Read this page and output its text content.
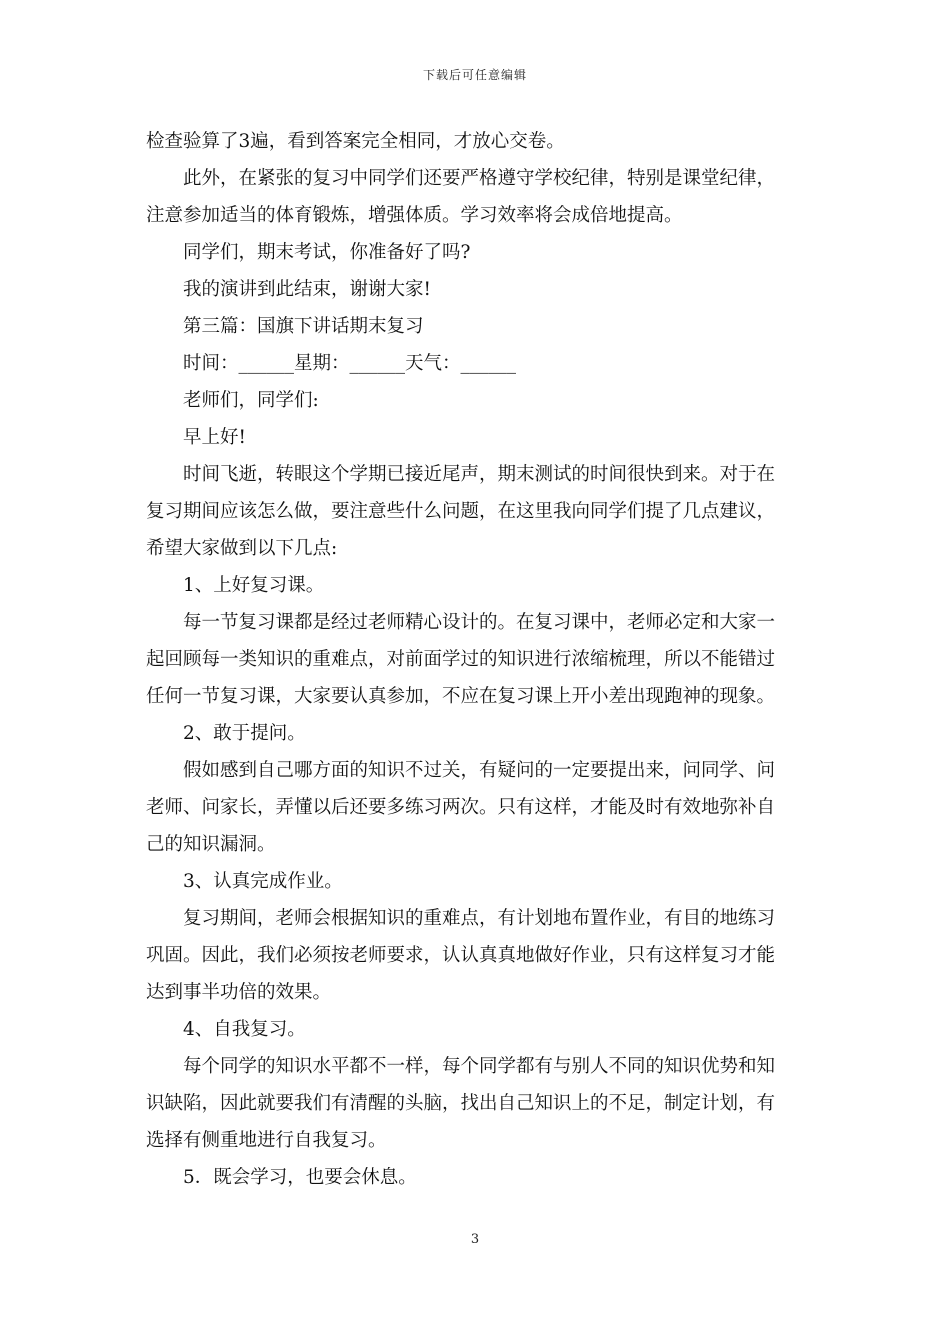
下载后可任意编辑
检查验算了3遍，看到答案完全相同，才放心交卷。
此外，在紧张的复习中同学们还要严格遵守学校纪律，特别是课堂纪律，
注意参加适当的体育锻炼，增强体质。学习效率将会成倍地提高。
同学们，期末考试，你准备好了吗?
我的演讲到此结束，谢谢大家!
第三篇：国旗下讲话期末复习
时间：______星期：______天气：______
老师们，同学们:
早上好!
时间飞逝，转眼这个学期已接近尾声，期末测试的时间很快到来。对于在
复习期间应该怎么做，要注意些什么问题，在这里我向同学们提了几点建议，
希望大家做到以下几点:
1、上好复习课。
每一节复习课都是经过老师精心设计的。在复习课中，老师必定和大家一
起回顾每一类知识的重难点，对前面学过的知识进行浓缩梳理，所以不能错过
任何一节复习课，大家要认真参加，不应在复习课上开小差出现跑神的现象。
2、敢于提问。
假如感到自己哪方面的知识不过关，有疑问的一定要提出来，问同学、问
老师、问家长，弄懂以后还要多练习两次。只有这样，才能及时有效地弥补自
己的知识漏洞。
3、认真完成作业。
复习期间，老师会根据知识的重难点，有计划地布置作业，有目的地练习
巩固。因此，我们必须按老师要求，认认真真地做好作业，只有这样复习才能
达到事半功倍的效果。
4、自我复习。
每个同学的知识水平都不一样，每个同学都有与别人不同的知识优势和知
识缺陷，因此就要我们有清醒的头脑，找出自己知识上的不足，制定计划，有
选择有侧重地进行自我复习。
5．既会学习，也要会休息。
3
